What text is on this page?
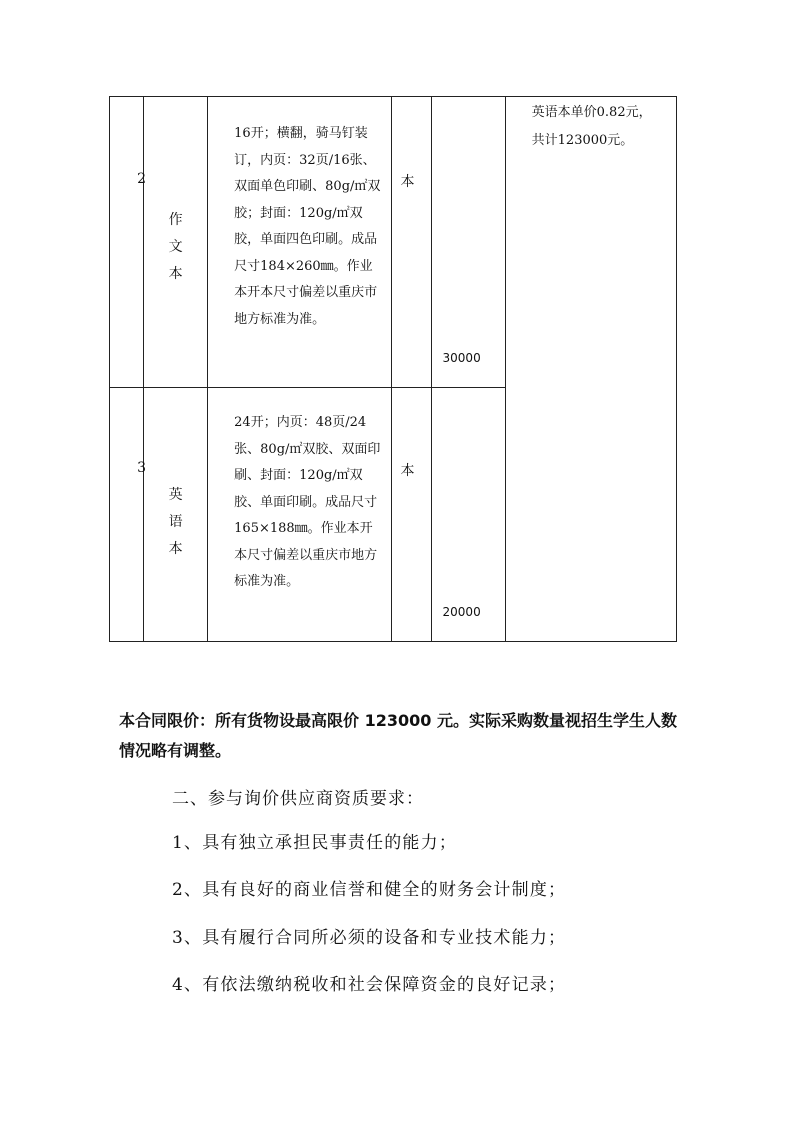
2	作
文
本	16开；横翻，骑马钉装订，内页：32页/16张、双面单色印刷、80g/㎡双胶；封面：120g/㎡双胶，单面四色印刷。成品尺寸184×260㎜。作业本开本尺寸偏差以重庆市地方标准为准。	本	30000	英语本单价0.82元，共计123000元。

3	英
语
本	24开；内页：48页/24张、80g/㎡双胶、双面印刷、封面：120g/㎡双胶、单面印刷。成品尺寸165×188㎜。作业本开本尺寸偏差以重庆市地方标准为准。	本	20000	

本合同限价：所有货物设最高限价 123000 元。实际采购数量视招生学生人数情况略有调整。

二、参与询价供应商资质要求：

1、具有独立承担民事责任的能力；

2、具有良好的商业信誉和健全的财务会计制度；

3、具有履行合同所必须的设备和专业技术能力；

4、有依法缴纳税收和社会保障资金的良好记录；
